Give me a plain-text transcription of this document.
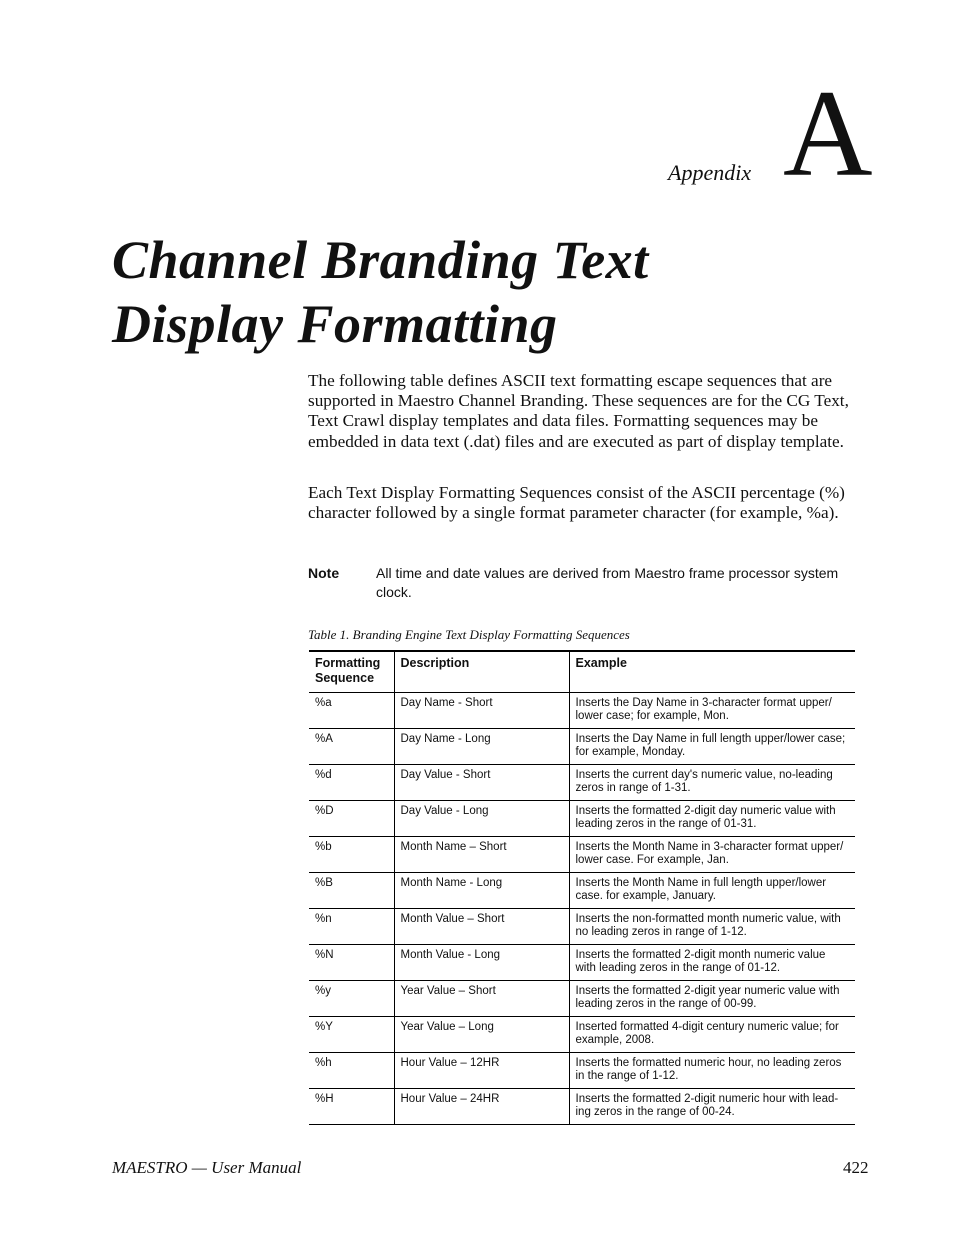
Appendix A
Channel Branding Text
Display Formatting

The following table defines ASCII text formatting escape sequences that are supported in Maestro Channel Branding. These sequences are for the CG Text, Text Crawl display templates and data files. Formatting sequences may be embedded in data text (.dat) files and are executed as part of display template.

Each Text Display Formatting Sequences consist of the ASCII percentage (%) character followed by a single format parameter character (for example, %a).

Note	All time and date values are derived from Maestro frame processor system clock.
Table 1. Branding Engine Text Display Formatting Sequences
Formatting Sequence	Description	Example
%a	Day Name - Short	Inserts the Day Name in 3-character format upper/ lower case; for example, Mon.
%A	Day Name - Long	Inserts the Day Name in full length upper/lower case; for example, Monday.
%d	Day Value - Short	Inserts the current day's numeric value, no-leading zeros in range of 1-31.
%D	Day Value - Long	Inserts the formatted 2-digit day numeric value with leading zeros in the range of 01-31.
%b	Month Name – Short	Inserts the Month Name in 3-character format upper/ lower case. For example, Jan.
%B	Month Name - Long	Inserts the Month Name in full length upper/lower case. for example, January.
%n	Month Value – Short	Inserts the non-formatted month numeric value, with no leading zeros in range of 1-12.
%N	Month Value - Long	Inserts the formatted 2-digit month numeric value with leading zeros in the range of 01-12.
%y	Year Value – Short	Inserts the formatted 2-digit year numeric value with leading zeros in the range of 00-99.
%Y	Year Value – Long	Inserted formatted 4-digit century numeric value; for example, 2008.
%h	Hour Value – 12HR	Inserts the formatted numeric hour, no leading zeros in the range of 1-12.
%H	Hour Value – 24HR	Inserts the formatted 2-digit numeric hour with lead- ing zeros in the range of 00-24.
MAESTRO — User Manual	422
